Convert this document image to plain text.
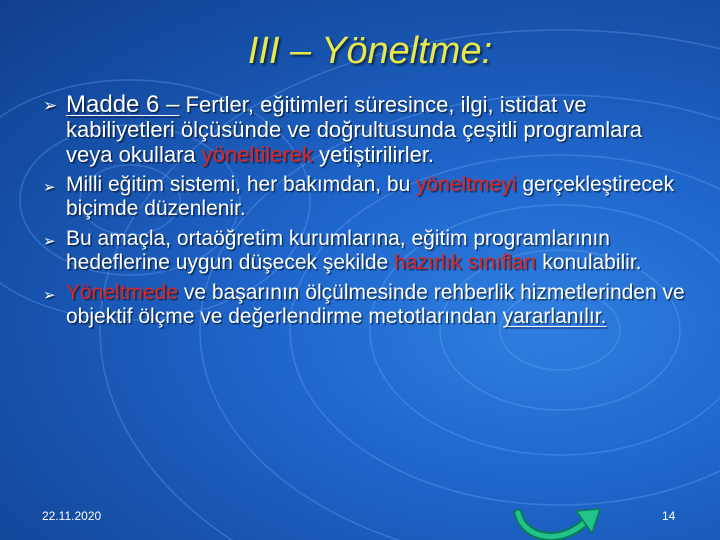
III – Yöneltme:
➢ Madde 6 – Fertler, eğitimleri süresince, ilgi, istidat ve kabiliyetleri ölçüsünde ve doğrultusunda çeşitli programlara veya okullara yöneltilerek yetiştirilirler.
➢ Milli eğitim sistemi, her bakımdan, bu yöneltmeyi gerçekleştirecek biçimde düzenlenir.
➢ Bu amaçla, ortaöğretim kurumlarına, eğitim programlarının hedeflerine uygun düşecek şekilde hazırlık sınıfları konulabilir.
➢ Yöneltmede ve başarının ölçülmesinde rehberlik hizmetlerinden ve objektif ölçme ve değerlendirme metotlarından yararlanılır.
22.11.2020	14
